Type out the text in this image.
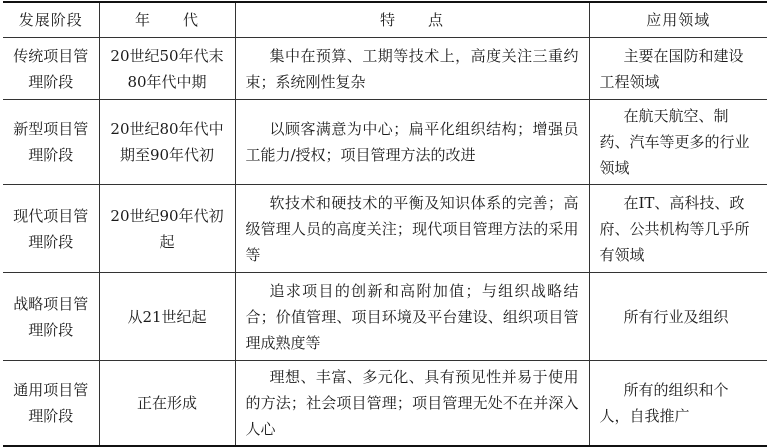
发展阶段	年　　代	特　　点	应用领域
传统项目管理阶段	20世纪50年代末80年代中期	集中在预算、工期等技术上，高度关注三重约束；系统刚性复杂	主要在国防和建设工程领域
新型项目管理阶段	20世纪80年代中期至90年代初	以顾客满意为中心；扁平化组织结构；增强员工能力/授权；项目管理方法的改进	在航天航空、制药、汽车等更多的行业领域
现代项目管理阶段	20世纪90年代初起	软技术和硬技术的平衡及知识体系的完善；高级管理人员的高度关注；现代项目管理方法的采用等	在IT、高科技、政府、公共机构等几乎所有领域
战略项目管理阶段	从21世纪起	追求项目的创新和高附加值；与组织战略结合；价值管理、项目环境及平台建设、组织项目管理成熟度等	所有行业及组织
通用项目管理阶段	正在形成	理想、丰富、多元化、具有预见性并易于使用的方法；社会项目管理；项目管理无处不在并深入人心	所有的组织和个人，自我推广
